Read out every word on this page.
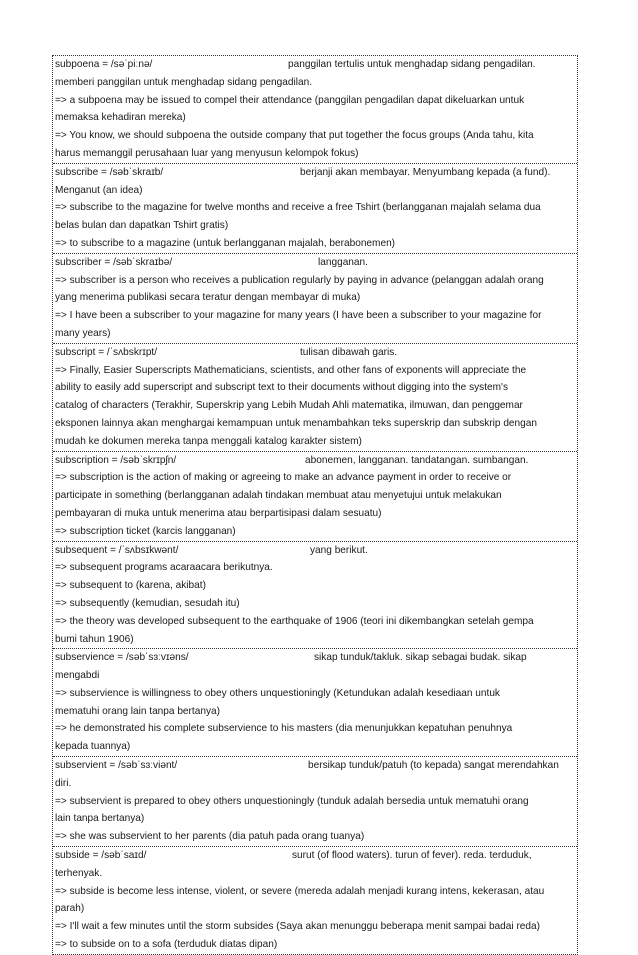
subpoena = /səˈpiːnə/	panggilan tertulis untuk menghadap sidang pengadilan.
memberi panggilan untuk menghadap sidang pengadilan.
=> a subpoena may be issued to compel their attendance (panggilan pengadilan dapat dikeluarkan untuk
memaksa kehadiran mereka)
=> You know, we should subpoena the outside company that put together the focus groups (Anda tahu, kita
harus memanggil perusahaan luar yang menyusun kelompok fokus)
subscribe = /səbˈskraɪb/	berjanji akan membayar. Menyumbang kepada (a fund).
Menganut (an idea)
=> subscribe to the magazine for twelve months and receive a free Tshirt (berlangganan majalah selama dua
belas bulan dan dapatkan Tshirt gratis)
=> to subscribe to a magazine (untuk berlangganan majalah, berabonemen)
subscriber = /səbˈskraɪbə/	langganan.
=> subscriber is a person who receives a publication regularly by paying in advance (pelanggan adalah orang
yang menerima publikasi secara teratur dengan membayar di muka)
=> I have been a subscriber to your magazine for many years (I have been a subscriber to your magazine for
many years)
subscript = /ˈsʌbskrɪpt/	tulisan dibawah garis.
=> Finally, Easier Superscripts Mathematicians, scientists, and other fans of exponents will appreciate the
ability to easily add superscript and subscript text to their documents without digging into the system's
catalog of characters (Terakhir, Superskrip yang Lebih Mudah Ahli matematika, ilmuwan, dan penggemar
eksponen lainnya akan menghargai kemampuan untuk menambahkan teks superskrip dan subskrip dengan
mudah ke dokumen mereka tanpa menggali katalog karakter sistem)
subscription = /səbˈskrɪpʃn/	abonemen, langganan. tandatangan. sumbangan.
=> subscription is the action of making or agreeing to make an advance payment in order to receive or
participate in something (berlangganan adalah tindakan membuat atau menyetujui untuk melakukan
pembayaran di muka untuk menerima atau berpartisipasi dalam sesuatu)
=> subscription ticket (karcis langganan)
subsequent = /ˈsʌbsɪkwənt/	yang berikut.
=> subsequent programs acaraacara berikutnya.
=> subsequent to (karena, akibat)
=> subsequently (kemudian, sesudah itu)
=> the theory was developed subsequent to the earthquake of 1906 (teori ini dikembangkan setelah gempa
bumi tahun 1906)
subservience = /səbˈsɜːvɪəns/	sikap tunduk/takluk. sikap sebagai budak. sikap
mengabdi
=> subservience is willingness to obey others unquestioningly (Ketundukan adalah kesediaan untuk
mematuhi orang lain tanpa bertanya)
=> he demonstrated his complete subservience to his masters (dia menunjukkan kepatuhan penuhnya
kepada tuannya)
subservient = /səbˈsɜːviənt/	bersikap tunduk/patuh (to kepada) sangat merendahkan
diri.
=> subservient is prepared to obey others unquestioningly (tunduk adalah bersedia untuk mematuhi orang
lain tanpa bertanya)
=> she was subservient to her parents (dia patuh pada orang tuanya)
subside = /səbˈsaɪd/	surut (of flood waters). turun of fever). reda. terduduk,
terhenyak.
=> subside is become less intense, violent, or severe (mereda adalah menjadi kurang intens, kekerasan, atau
parah)
=> I'll wait a few minutes until the storm subsides (Saya akan menunggu beberapa menit sampai badai reda)
=> to subside on to a sofa (terduduk diatas dipan)
